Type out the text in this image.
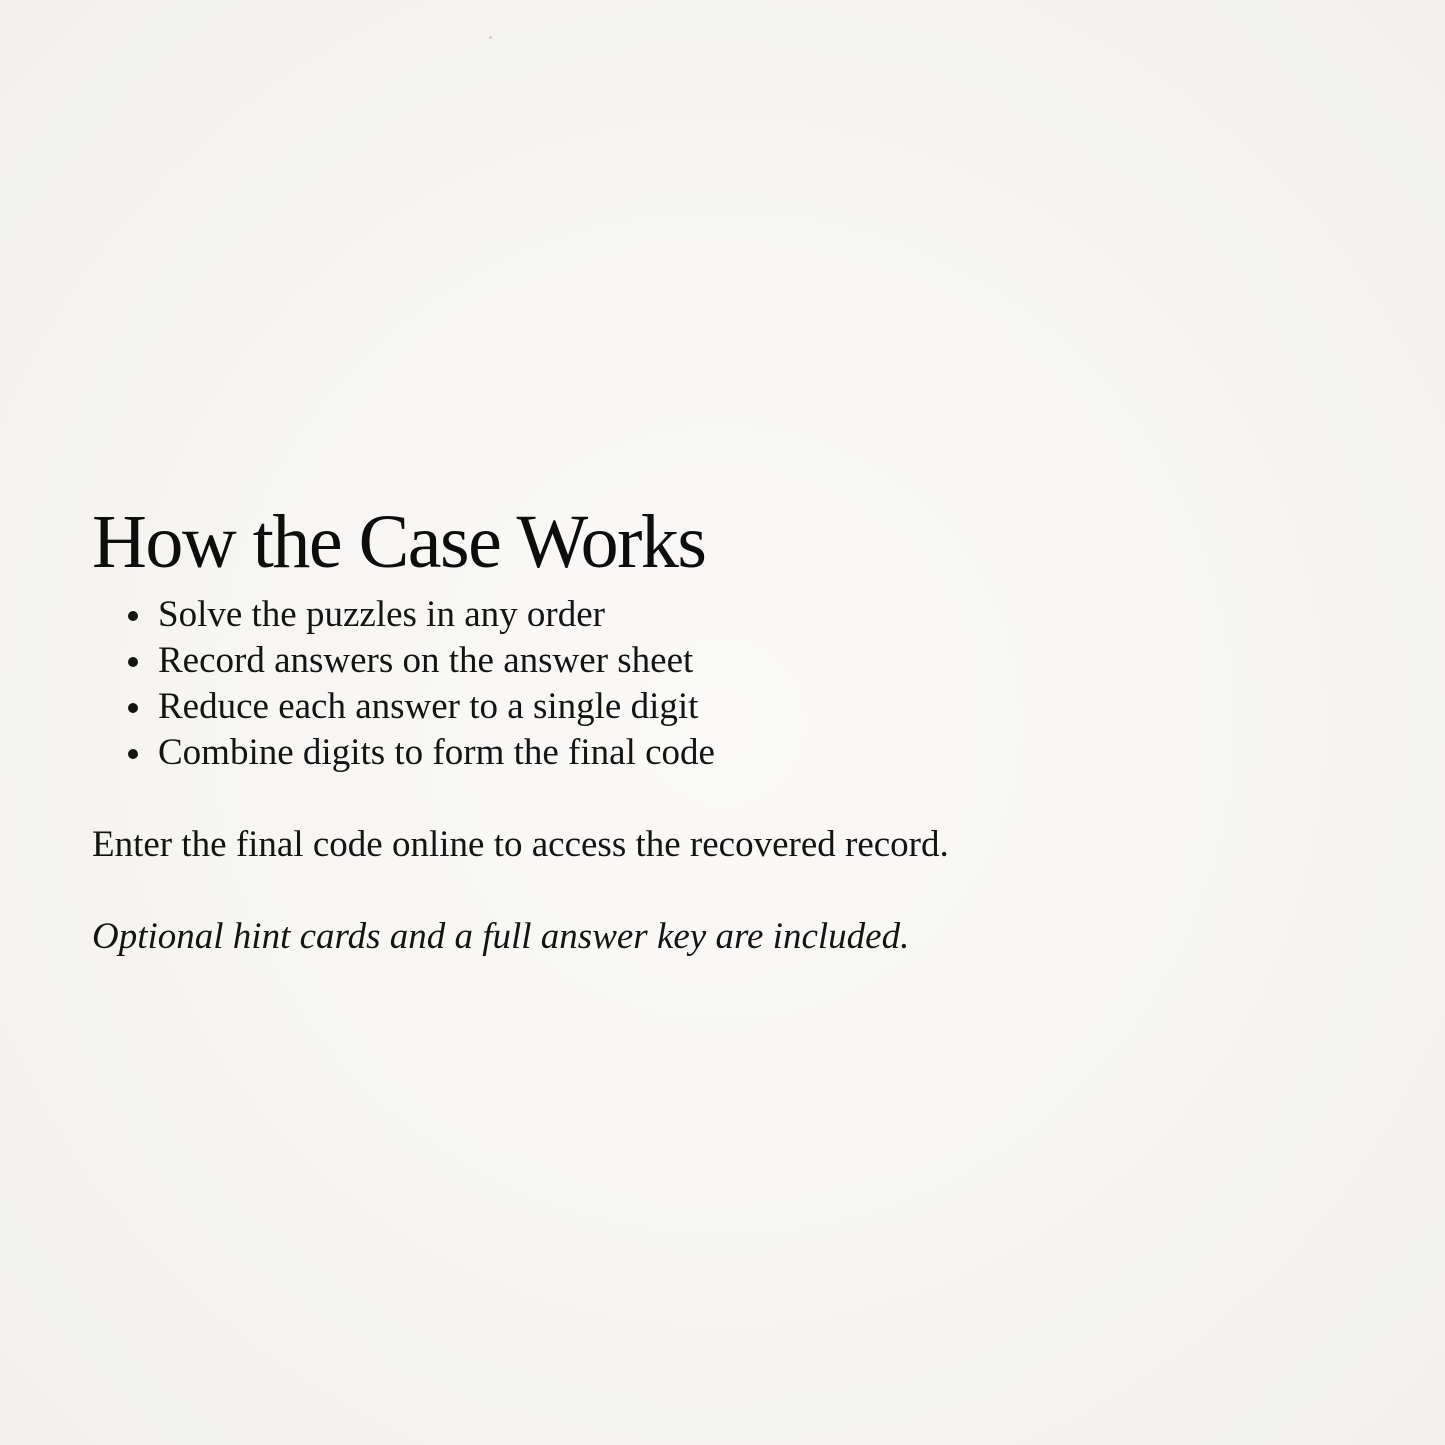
How the Case Works
Solve the puzzles in any order
Record answers on the answer sheet
Reduce each answer to a single digit
Combine digits to form the final code

Enter the final code online to access the recovered record.

Optional hint cards and a full answer key are included.
